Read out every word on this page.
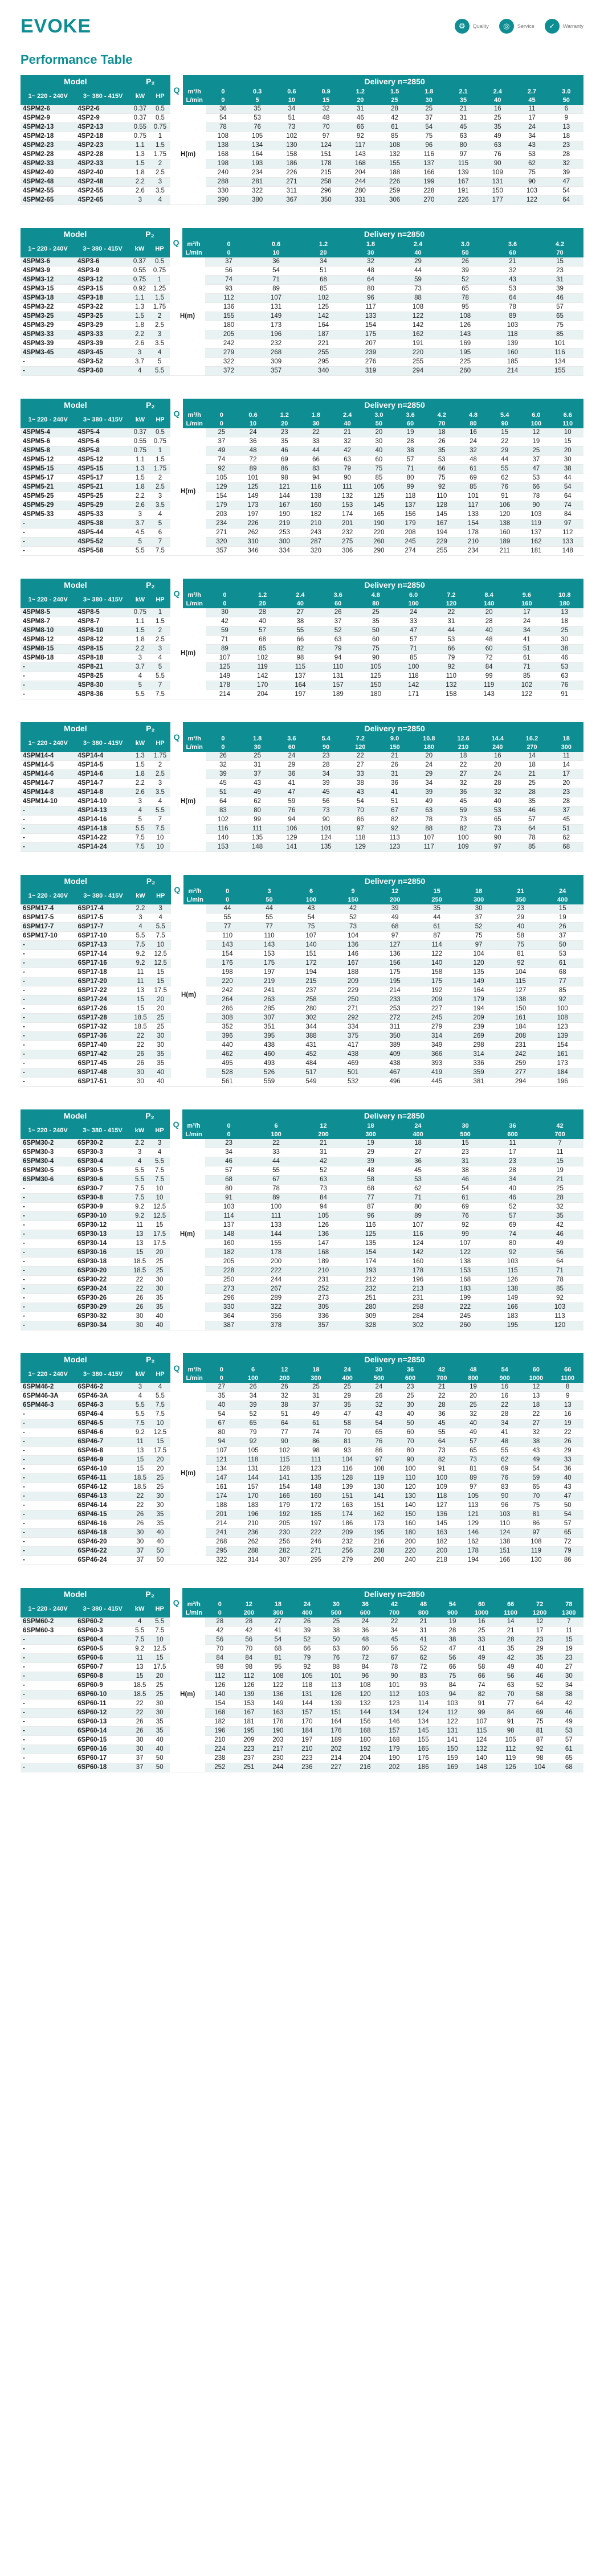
EVOKE	⚙	Quality	◎	Service	✓	Warranty
Performance Table
Model		P₂		Q		Delivery n=2850										
1~ 220 - 240V	3~ 380 - 415V	kW	HP		m³/h	0	0.3	0.6	0.9	1.2	1.5	1.8	2.1	2.4	2.7	3.0
					L/min	0	5	10	15	20	25	30	35	40	45	50
4SPM2-6	4SP2-6	0.37	0.5	H(m)		36	35	34	32	31	28	25	21	16	11	6
4SPM2-9	4SP2-9	0.37	0.5			54	53	51	48	46	42	37	31	25	17	9
4SPM2-13	4SP2-13	0.55	0.75			78	76	73	70	66	61	54	45	35	24	13
4SPM2-18	4SP2-18	0.75	1			108	105	102	97	92	85	75	63	49	34	18
4SPM2-23	4SP2-23	1.1	1.5			138	134	130	124	117	108	96	80	63	43	23
4SPM2-28	4SP2-28	1.3	1.75			168	164	158	151	143	132	116	97	76	53	28
4SPM2-33	4SP2-33	1.5	2			198	193	186	178	168	155	137	115	90	62	32
4SPM2-40	4SP2-40	1.8	2.5			240	234	226	215	204	188	166	139	109	75	39
4SPM2-48	4SP2-48	2.2	3			288	281	271	258	244	226	199	167	131	90	47
4SPM2-55	4SP2-55	2.6	3.5			330	322	311	296	280	259	228	191	150	103	54
4SPM2-65	4SP2-65	3	4			390	380	367	350	331	306	270	226	177	122	64
Model		P₂		Q		Delivery n=2850							
1~ 220 - 240V	3~ 380 - 415V	kW	HP		m³/h	0	0.6	1.2	1.8	2.4	3.0	3.6	4.2
					L/min	0	10	20	30	40	50	60	70
4SPM3-6	4SP3-6	0.37	0.5	H(m)		37	36	34	32	29	26	21	15
4SPM3-9	4SP3-9	0.55	0.75			56	54	51	48	44	39	32	23
4SPM3-12	4SP3-12	0.75	1			74	71	68	64	59	52	43	31
4SPM3-15	4SP3-15	0.92	1.25			93	89	85	80	73	65	53	39
4SPM3-18	4SP3-18	1.1	1.5			112	107	102	96	88	78	64	46
4SPM3-22	4SP3-22	1.3	1.75			136	131	125	117	108	95	78	57
4SPM3-25	4SP3-25	1.5	2			155	149	142	133	122	108	89	65
4SPM3-29	4SP3-29	1.8	2.5			180	173	164	154	142	126	103	75
4SPM3-33	4SP3-33	2.2	3			205	196	187	175	162	143	118	85
4SPM3-39	4SP3-39	2.6	3.5			242	232	221	207	191	169	139	101
4SPM3-45	4SP3-45	3	4			279	268	255	239	220	195	160	116
-	4SP3-52	3.7	5			322	309	295	276	255	225	185	134
-	4SP3-60	4	5.5			372	357	340	319	294	260	214	155
Model		P₂		Q		Delivery n=2850											
1~ 220 - 240V	3~ 380 - 415V	kW	HP		m³/h	0	0.6	1.2	1.8	2.4	3.0	3.6	4.2	4.8	5.4	6.0	6.6
					L/min	0	10	20	30	40	50	60	70	80	90	100	110
4SPM5-4	4SP5-4	0.37	0.5	H(m)		25	24	23	22	21	20	19	18	16	15	12	10
4SPM5-6	4SP5-6	0.55	0.75			37	36	35	33	32	30	28	26	24	22	19	15
4SPM5-8	4SP5-8	0.75	1			49	48	46	44	42	40	38	35	32	29	25	20
4SPM5-12	4SP5-12	1.1	1.5			74	72	69	66	63	60	57	53	48	44	37	30
4SPM5-15	4SP5-15	1.3	1.75			92	89	86	83	79	75	71	66	61	55	47	38
4SPM5-17	4SP5-17	1.5	2			105	101	98	94	90	85	80	75	69	62	53	44
4SPM5-21	4SP5-21	1.8	2.5			129	125	121	116	111	105	99	92	85	76	66	54
4SPM5-25	4SP5-25	2.2	3			154	149	144	138	132	125	118	110	101	91	78	64
4SPM5-29	4SP5-29	2.6	3.5			179	173	167	160	153	145	137	128	117	106	90	74
4SPM5-33	4SP5-33	3	4			203	197	190	182	174	165	156	145	133	120	103	84
-	4SP5-38	3.7	5			234	226	219	210	201	190	179	167	154	138	119	97
-	4SP5-44	4.5	6			271	262	253	243	232	220	208	194	178	160	137	112
-	4SP5-52	5	7			320	310	300	287	275	260	245	229	210	189	162	133
-	4SP5-58	5.5	7.5			357	346	334	320	306	290	274	255	234	211	181	148
Model		P₂		Q		Delivery n=2850									
1~ 220 - 240V	3~ 380 - 415V	kW	HP		m³/h	0	1.2	2.4	3.6	4.8	6.0	7.2	8.4	9.6	10.8
					L/min	0	20	40	60	80	100	120	140	160	180
4SPM8-5	4SP8-5	0.75	1	H(m)		30	28	27	26	25	24	22	20	17	13
4SPM8-7	4SP8-7	1.1	1.5			42	40	38	37	35	33	31	28	24	18
4SPM8-10	4SP8-10	1.5	2			59	57	55	52	50	47	44	40	34	25
4SPM8-12	4SP8-12	1.8	2.5			71	68	66	63	60	57	53	48	41	30
4SPM8-15	4SP8-15	2.2	3			89	85	82	79	75	71	66	60	51	38
4SPM8-18	4SP8-18	3	4			107	102	98	94	90	85	79	72	61	46
-	4SP8-21	3.7	5			125	119	115	110	105	100	92	84	71	53
-	4SP8-25	4	5.5			149	142	137	131	125	118	110	99	85	63
-	4SP8-30	5	7			178	170	164	157	150	142	132	119	102	76
-	4SP8-36	5.5	7.5			214	204	197	189	180	171	158	143	122	91
Model		P₂		Q		Delivery n=2850										
1~ 220 - 240V	3~ 380 - 415V	kW	HP		m³/h	0	1.8	3.6	5.4	7.2	9.0	10.8	12.6	14.4	16.2	18
					L/min	0	30	60	90	120	150	180	210	240	270	300
4SPM14-4	4SP14-4	1.3	1.75	H(m)		26	25	24	23	22	21	20	18	16	14	11
4SPM14-5	4SP14-5	1.5	2			32	31	29	28	27	26	24	22	20	18	14
4SPM14-6	4SP14-6	1.8	2.5			39	37	36	34	33	31	29	27	24	21	17
4SPM14-7	4SP14-7	2.2	3			45	43	41	39	38	36	34	32	28	25	20
4SPM14-8	4SP14-8	2.6	3.5			51	49	47	45	43	41	39	36	32	28	23
4SPM14-10	4SP14-10	3	4			64	62	59	56	54	51	49	45	40	35	28
-	4SP14-13	4	5.5			83	80	76	73	70	67	63	59	53	46	37
-	4SP14-16	5	7			102	99	94	90	86	82	78	73	65	57	45
-	4SP14-18	5.5	7.5			116	111	106	101	97	92	88	82	73	64	51
-	4SP14-22	7.5	10			140	135	129	124	118	113	107	100	90	78	62
-	4SP14-24	7.5	10			153	148	141	135	129	123	117	109	97	85	68
Model		P₂		Q		Delivery n=2850								
1~ 220 - 240V	3~ 380 - 415V	kW	HP		m³/h	0	3	6	9	12	15	18	21	24
					L/min	0	50	100	150	200	250	300	350	400
6SPM17-4	6SP17-4	2.2	3	H(m)		44	44	43	42	39	35	30	23	15
6SPM17-5	6SP17-5	3	4			55	55	54	52	49	44	37	29	19
6SPM17-7	6SP17-7	4	5.5			77	77	75	73	68	61	52	40	26
6SPM17-10	6SP17-10	5.5	7.5			110	110	107	104	97	87	75	58	37
-	6SP17-13	7.5	10			143	143	140	136	127	114	97	75	50
-	6SP17-14	9.2	12.5			154	153	151	146	136	122	104	81	53
-	6SP17-16	9.2	12.5			176	175	172	167	156	140	120	92	61
-	6SP17-18	11	15			198	197	194	188	175	158	135	104	68
-	6SP17-20	11	15			220	219	215	209	195	175	149	115	77
-	6SP17-22	13	17.5			242	241	237	229	214	192	164	127	85
-	6SP17-24	15	20			264	263	258	250	233	209	179	138	92
-	6SP17-26	15	20			286	285	280	271	253	227	194	150	100
-	6SP17-28	18.5	25			308	307	302	292	272	245	209	161	108
-	6SP17-32	18.5	25			352	351	344	334	311	279	239	184	123
-	6SP17-36	22	30			396	395	388	375	350	314	269	208	139
-	6SP17-40	22	30			440	438	431	417	389	349	298	231	154
-	6SP17-42	26	35			462	460	452	438	409	366	314	242	161
-	6SP17-45	26	35			495	493	484	469	438	393	336	259	173
-	6SP17-48	30	40			528	526	517	501	467	419	359	277	184
-	6SP17-51	30	40			561	559	549	532	496	445	381	294	196
Model		P₂		Q		Delivery n=2850							
1~ 220 - 240V	3~ 380 - 415V	kW	HP		m³/h	0	6	12	18	24	30	36	42
					L/min	0	100	200	300	400	500	600	700
6SPM30-2	6SP30-2	2.2	3	H(m)		23	22	21	19	18	15	11	7
6SPM30-3	6SP30-3	3	4			34	33	31	29	27	23	17	11
6SPM30-4	6SP30-4	4	5.5			46	44	42	39	36	31	23	15
6SPM30-5	6SP30-5	5.5	7.5			57	55	52	48	45	38	28	19
6SPM30-6	6SP30-6	5.5	7.5			68	67	63	58	53	46	34	21
-	6SP30-7	7.5	10			80	78	73	68	62	54	40	25
-	6SP30-8	7.5	10			91	89	84	77	71	61	46	28
-	6SP30-9	9.2	12.5			103	100	94	87	80	69	52	32
-	6SP30-10	9.2	12.5			114	111	105	96	89	76	57	35
-	6SP30-12	11	15			137	133	126	116	107	92	69	42
-	6SP30-13	13	17.5			148	144	136	125	116	99	74	46
-	6SP30-14	13	17.5			160	155	147	135	124	107	80	49
-	6SP30-16	15	20			182	178	168	154	142	122	92	56
-	6SP30-18	18.5	25			205	200	189	174	160	138	103	64
-	6SP30-20	18.5	25			228	222	210	193	178	153	115	71
-	6SP30-22	22	30			250	244	231	212	196	168	126	78
-	6SP30-24	22	30			273	267	252	232	213	183	138	85
-	6SP30-26	26	35			296	289	273	251	231	199	149	92
-	6SP30-29	26	35			330	322	305	280	258	222	166	103
-	6SP30-32	30	40			364	356	336	309	284	245	183	113
-	6SP30-34	30	40			387	378	357	328	302	260	195	120
Model		P₂		Q		Delivery n=2850											
1~ 220 - 240V	3~ 380 - 415V	kW	HP		m³/h	0	6	12	18	24	30	36	42	48	54	60	66
					L/min	0	100	200	300	400	500	600	700	800	900	1000	1100
6SPM46-2	6SP46-2	3	4	H(m)		27	26	26	25	25	24	23	21	19	16	12	8
6SPM46-3A	6SP46-3A	4	5.5			35	34	32	31	29	26	25	22	20	16	13	9
6SPM46-3	6SP46-3	5.5	7.5			40	39	38	37	35	32	30	28	25	22	18	13
-	6SP46-4	5.5	7.5			54	52	51	49	47	43	40	36	32	28	22	16
-	6SP46-5	7.5	10			67	65	64	61	58	54	50	45	40	34	27	19
-	6SP46-6	9.2	12.5			80	79	77	74	70	65	60	55	49	41	32	22
-	6SP46-7	11	15			94	92	90	86	81	76	70	64	57	48	38	26
-	6SP46-8	13	17.5			107	105	102	98	93	86	80	73	65	55	43	29
-	6SP46-9	15	20			121	118	115	111	104	97	90	82	73	62	49	33
-	6SP46-10	15	20			134	131	128	123	116	108	100	91	81	69	54	36
-	6SP46-11	18.5	25			147	144	141	135	128	119	110	100	89	76	59	40
-	6SP46-12	18.5	25			161	157	154	148	139	130	120	109	97	83	65	43
-	6SP46-13	22	30			174	170	166	160	151	141	130	118	105	90	70	47
-	6SP46-14	22	30			188	183	179	172	163	151	140	127	113	96	75	50
-	6SP46-15	26	35			201	196	192	185	174	162	150	136	121	103	81	54
-	6SP46-16	26	35			214	210	205	197	186	173	160	145	129	110	86	57
-	6SP46-18	30	40			241	236	230	222	209	195	180	163	146	124	97	65
-	6SP46-20	30	40			268	262	256	246	232	216	200	182	162	138	108	72
-	6SP46-22	37	50			295	288	282	271	256	238	220	200	178	151	119	79
-	6SP46-24	37	50			322	314	307	295	279	260	240	218	194	166	130	86
Model		P₂		Q		Delivery n=2850												
1~ 220 - 240V	3~ 380 - 415V	kW	HP		m³/h	0	12	18	24	30	36	42	48	54	60	66	72	78
					L/min	0	200	300	400	500	600	700	800	900	1000	1100	1200	1300
6SPM60-2	6SP60-2	4	5.5	H(m)		28	28	27	26	25	24	22	21	19	16	14	12	7
6SPM60-3	6SP60-3	5.5	7.5			42	42	41	39	38	36	34	31	28	25	21	17	11
-	6SP60-4	7.5	10			56	56	54	52	50	48	45	41	38	33	28	23	15
-	6SP60-5	9.2	12.5			70	70	68	66	63	60	56	52	47	41	35	29	19
-	6SP60-6	11	15			84	84	81	79	76	72	67	62	56	49	42	35	23
-	6SP60-7	13	17.5			98	98	95	92	88	84	78	72	66	58	49	40	27
-	6SP60-8	15	20			112	112	108	105	101	96	90	83	75	66	56	46	30
-	6SP60-9	18.5	25			126	126	122	118	113	108	101	93	84	74	63	52	34
-	6SP60-10	18.5	25			140	139	136	131	126	120	112	103	94	82	70	58	38
-	6SP60-11	22	30			154	153	149	144	139	132	123	114	103	91	77	64	42
-	6SP60-12	22	30			168	167	163	157	151	144	134	124	112	99	84	69	46
-	6SP60-13	26	35			182	181	176	170	164	156	146	134	122	107	91	75	49
-	6SP60-14	26	35			196	195	190	184	176	168	157	145	131	115	98	81	53
-	6SP60-15	30	40			210	209	203	197	189	180	168	155	141	124	105	87	57
-	6SP60-16	30	40			224	223	217	210	202	192	179	165	150	132	112	92	61
-	6SP60-17	37	50			238	237	230	223	214	204	190	176	159	140	119	98	65
-	6SP60-18	37	50			252	251	244	236	227	216	202	186	169	148	126	104	68
